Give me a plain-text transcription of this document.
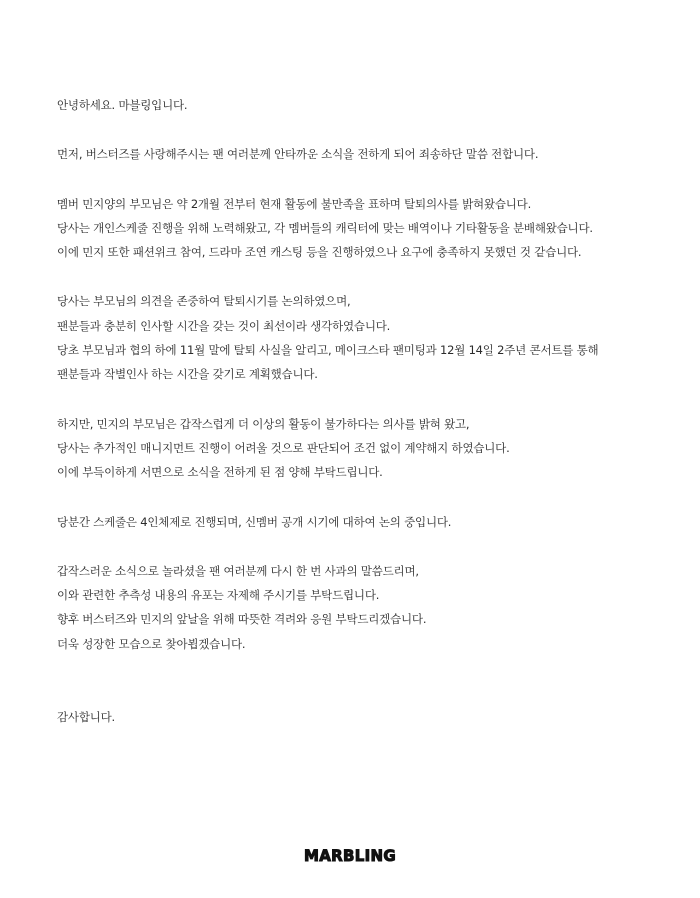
안녕하세요. 마블링입니다.
먼저, 버스터즈를 사랑해주시는 팬 여러분께 안타까운 소식을 전하게 되어 죄송하단 말씀 전합니다.
멤버 민지양의 부모님은 약 2개월 전부터 현재 활동에 불만족을 표하며 탈퇴의사를 밝혀왔습니다.
당사는 개인스케줄 진행을 위해 노력해왔고, 각 멤버들의 캐릭터에 맞는 배역이나 기타활동을 분배해왔습니다.
이에 민지 또한 패션위크 참여, 드라마 조연 캐스팅 등을 진행하였으나 요구에 충족하지 못했던 것 같습니다.
당사는 부모님의 의견을 존중하여 탈퇴시기를 논의하였으며,
팬분들과 충분히 인사할 시간을 갖는 것이 최선이라 생각하였습니다.
당초 부모님과 협의 하에 11월 말에 탈퇴 사실을 알리고, 메이크스타 팬미팅과 12월 14일 2주년 콘서트를 통해
팬분들과 작별인사 하는 시간을 갖기로 계획했습니다.
하지만, 민지의 부모님은 갑작스럽게 더 이상의 활동이 불가하다는 의사를 밝혀 왔고,
당사는 추가적인 매니지먼트 진행이 어려울 것으로 판단되어 조건 없이 계약해지 하였습니다.
이에 부득이하게 서면으로 소식을 전하게 된 점 양해 부탁드립니다.
당분간 스케줄은 4인체제로 진행되며, 신멤버 공개 시기에 대하여 논의 중입니다.
갑작스러운 소식으로 놀라셨을 팬 여러분께 다시 한 번 사과의 말씀드리며,
이와 관련한 추측성 내용의 유포는 자제해 주시기를 부탁드립니다.
향후 버스터즈와 민지의 앞날을 위해 따뜻한 격려와 응원 부탁드리겠습니다.
더욱 성장한 모습으로 찾아뵙겠습니다.
감사합니다.
MARBLING
